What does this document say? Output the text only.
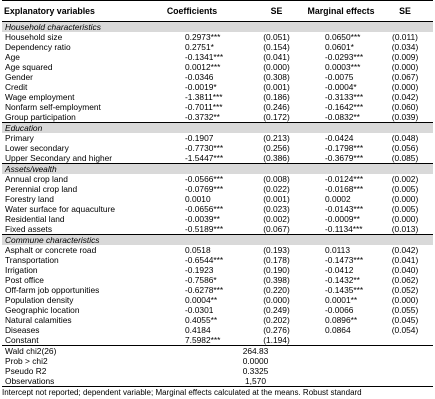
Explanatory variables	Coefficients	SE	Marginal effects	SE
Household characteristics				
Household size	0.2973***	(0.051)	0.0650***	(0.011)
Dependency ratio	0.2751*	(0.154)	0.0601*	(0.034)
Age	-0.1341***	(0.041)	-0.0293***	(0.009)
Age squared	0.0012***	(0.000)	0.0003***	(0.000)
Gender	-0.0346	(0.308)	-0.0075	(0.067)
Credit	-0.0019*	(0.001)	-0.0004*	(0.000)
Wage employment	-1.3811***	(0.186)	-0.3133***	(0.042)
Nonfarm self-employment	-0.7011***	(0.246)	-0.1642***	(0.060)
Group participation	-0.3732**	(0.172)	-0.0832**	(0.039)
Education				
Primary	-0.1907	(0.213)	-0.0424	(0.048)
Lower secondary	-0.7730***	(0.256)	-0.1798***	(0.056)
Upper Secondary and higher	-1.5447***	(0.386)	-0.3679***	(0.085)
Assets/wealth				
Annual crop land	-0.0566***	(0.008)	-0.0124***	(0.002)
Perennial crop land	-0.0769***	(0.022)	-0.0168***	(0.005)
Forestry land	0.0010	(0.001)	0.0002	(0.000)
Water surface for aquaculture	-0.0656***	(0.023)	-0.0143***	(0.005)
Residential land	-0.0039**	(0.002)	-0.0009**	(0.000)
Fixed assets	-0.5189***	(0.067)	-0.1134***	(0.013)
Commune characteristics				
Asphalt or concrete road	0.0518	(0.193)	0.0113	(0.042)
Transportation	-0.6544***	(0.178)	-0.1473***	(0.041)
Irrigation	-0.1923	(0.190)	-0.0412	(0.040)
Post office	-0.7586*	(0.398)	-0.1432**	(0.062)
Off-farm job opportunities	-0.6278***	(0.220)	-0.1435***	(0.052)
Population density	0.0004**	(0.000)	0.0001**	(0.000)
Geographic location	-0.0301	(0.249)	-0.0066	(0.055)
Natural calamities	0.4055**	(0.202)	0.0896**	(0.045)
Diseases	0.4184	(0.276)	0.0864	(0.054)
Constant	7.5982***	(1.194)		
Wald chi2(26)	264.83			
Prob > chi2	0.0000			
Pseudo R2	0.3325			
Observations	1,570			
Intercept not reported; dependent variable; Marginal effects calculated at the means. Robust standard
